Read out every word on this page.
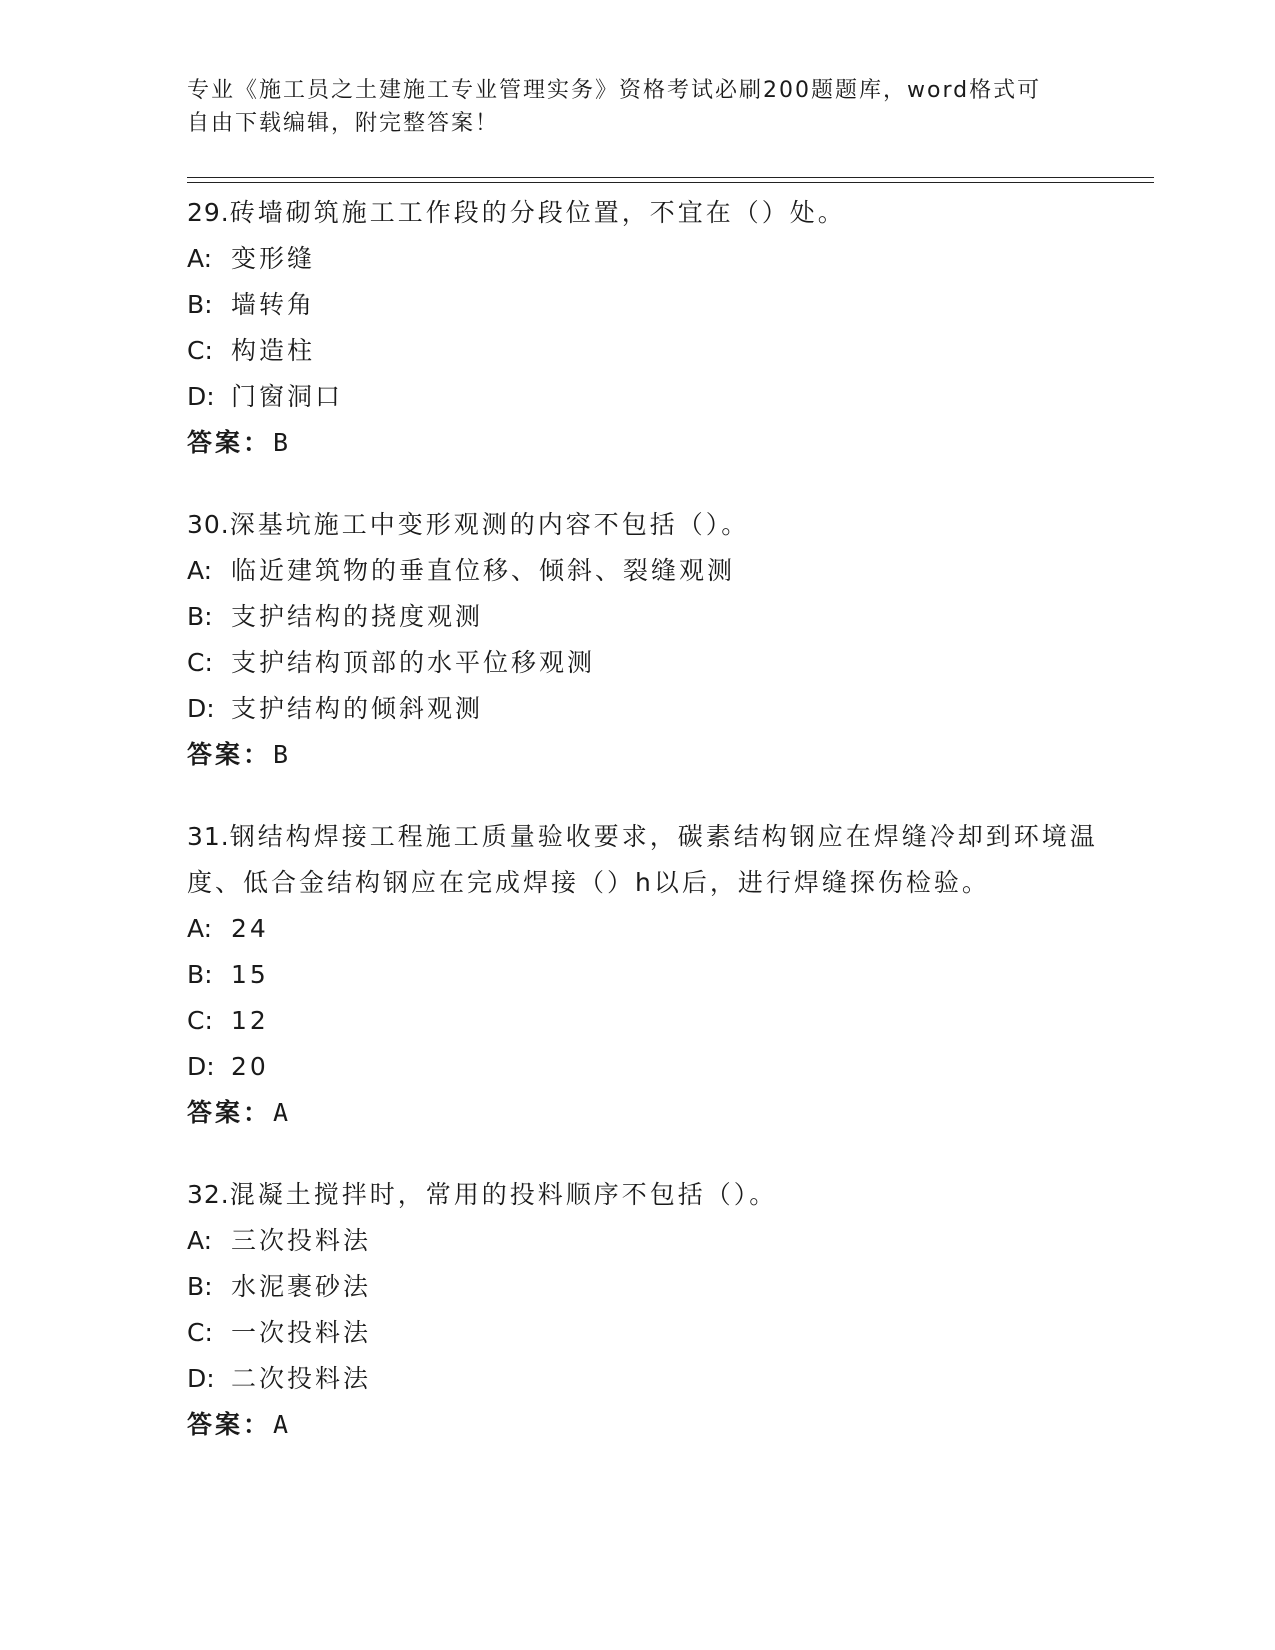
专业《施工员之土建施工专业管理实务》资格考试必刷200题题库，word格式可
自由下载编辑，附完整答案！

29.砖墙砌筑施工工作段的分段位置，不宜在（）处。

A: 变形缝
B: 墙转角
C: 构造柱
D: 门窗洞口

答案：B

30.深基坑施工中变形观测的内容不包括（）。

A: 临近建筑物的垂直位移、倾斜、裂缝观测
B: 支护结构的挠度观测
C: 支护结构顶部的水平位移观测
D: 支护结构的倾斜观测

答案：B

31.钢结构焊接工程施工质量验收要求，碳素结构钢应在焊缝冷却到环境温度、低合金结构钢应在完成焊接（）h以后，进行焊缝探伤检验。

A: 24
B: 15
C: 12
D: 20

答案：A

32.混凝土搅拌时，常用的投料顺序不包括（）。

A: 三次投料法
B: 水泥裹砂法
C: 一次投料法
D: 二次投料法

答案：A
